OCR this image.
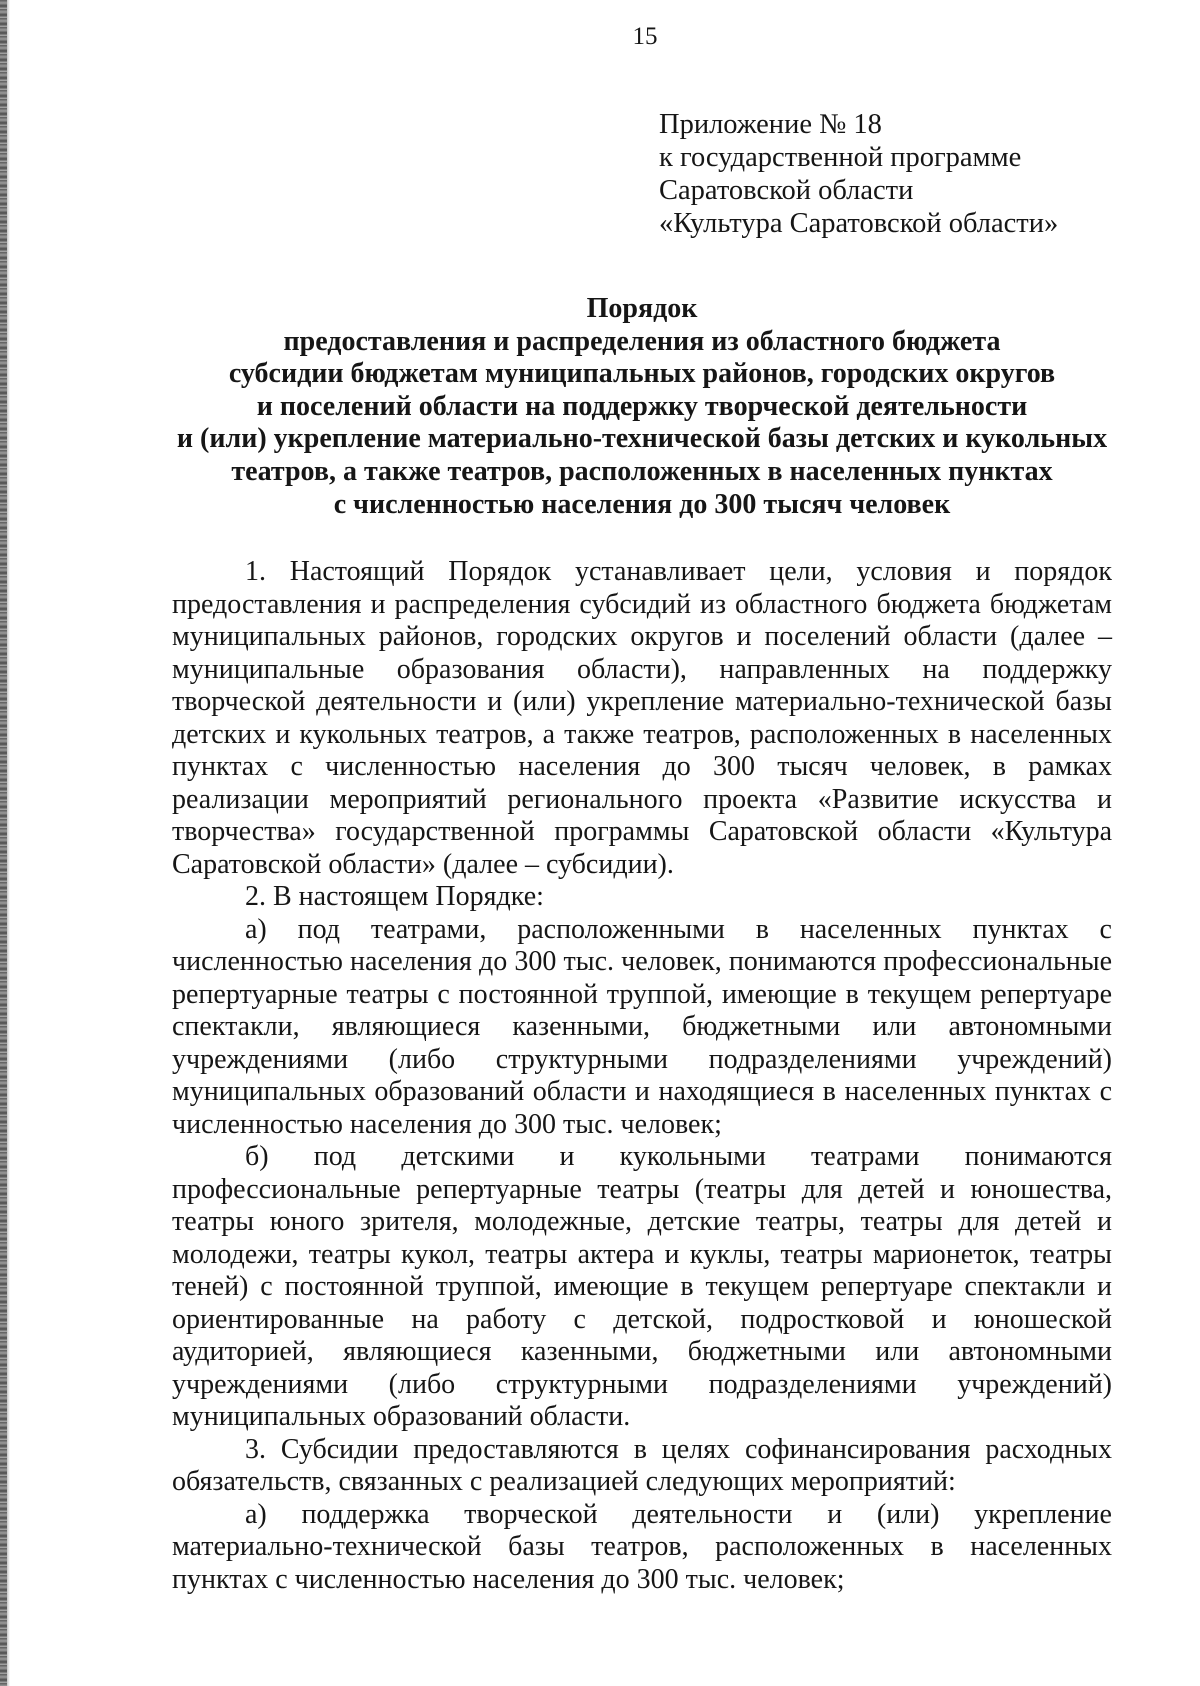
15
Приложение № 18
к государственной программе
Саратовской области
«Культура Саратовской области»
Порядок
предоставления и распределения из областного бюджета
субсидии бюджетам муниципальных районов, городских округов
и поселений области на поддержку творческой деятельности
и (или) укрепление материально-технической базы детских и кукольных
театров, а также театров, расположенных в населенных пунктах
с численностью населения до 300 тысяч человек

1. Настоящий Порядок устанавливает цели, условия и порядок предоставления и распределения субсидий из областного бюджета бюджетам муниципальных районов, городских округов и поселений области (далее – муниципальные образования области), направленных на поддержку творческой деятельности и (или) укрепление материально-технической базы детских и кукольных театров, а также театров, расположенных в населенных пунктах с численностью населения до 300 тысяч человек, в рамках реализации мероприятий регионального проекта «Развитие искусства и творчества» государственной программы Саратовской области «Культура Саратовской области» (далее – субсидии).

2. В настоящем Порядке:

а) под театрами, расположенными в населенных пунктах с численностью населения до 300 тыс. человек, понимаются профессиональные репертуарные театры с постоянной труппой, имеющие в текущем репертуаре спектакли, являющиеся казенными, бюджетными или автономными учреждениями (либо структурными подразделениями учреждений) муниципальных образований области и находящиеся в населенных пунктах с численностью населения до 300 тыс. человек;

б) под детскими и кукольными театрами понимаются профессиональные репертуарные театры (театры для детей и юношества, театры юного зрителя, молодежные, детские театры, театры для детей и молодежи, театры кукол, театры актера и куклы, театры марионеток, театры теней) с постоянной труппой, имеющие в текущем репертуаре спектакли и ориентированные на работу с детской, подростковой и юношеской аудиторией, являющиеся казенными, бюджетными или автономными учреждениями (либо структурными подразделениями учреждений) муниципальных образований области.

3. Субсидии предоставляются в целях софинансирования расходных обязательств, связанных с реализацией следующих мероприятий:

а) поддержка творческой деятельности и (или) укрепление материально-технической базы театров, расположенных в населенных пунктах с численностью населения до 300 тыс. человек;
